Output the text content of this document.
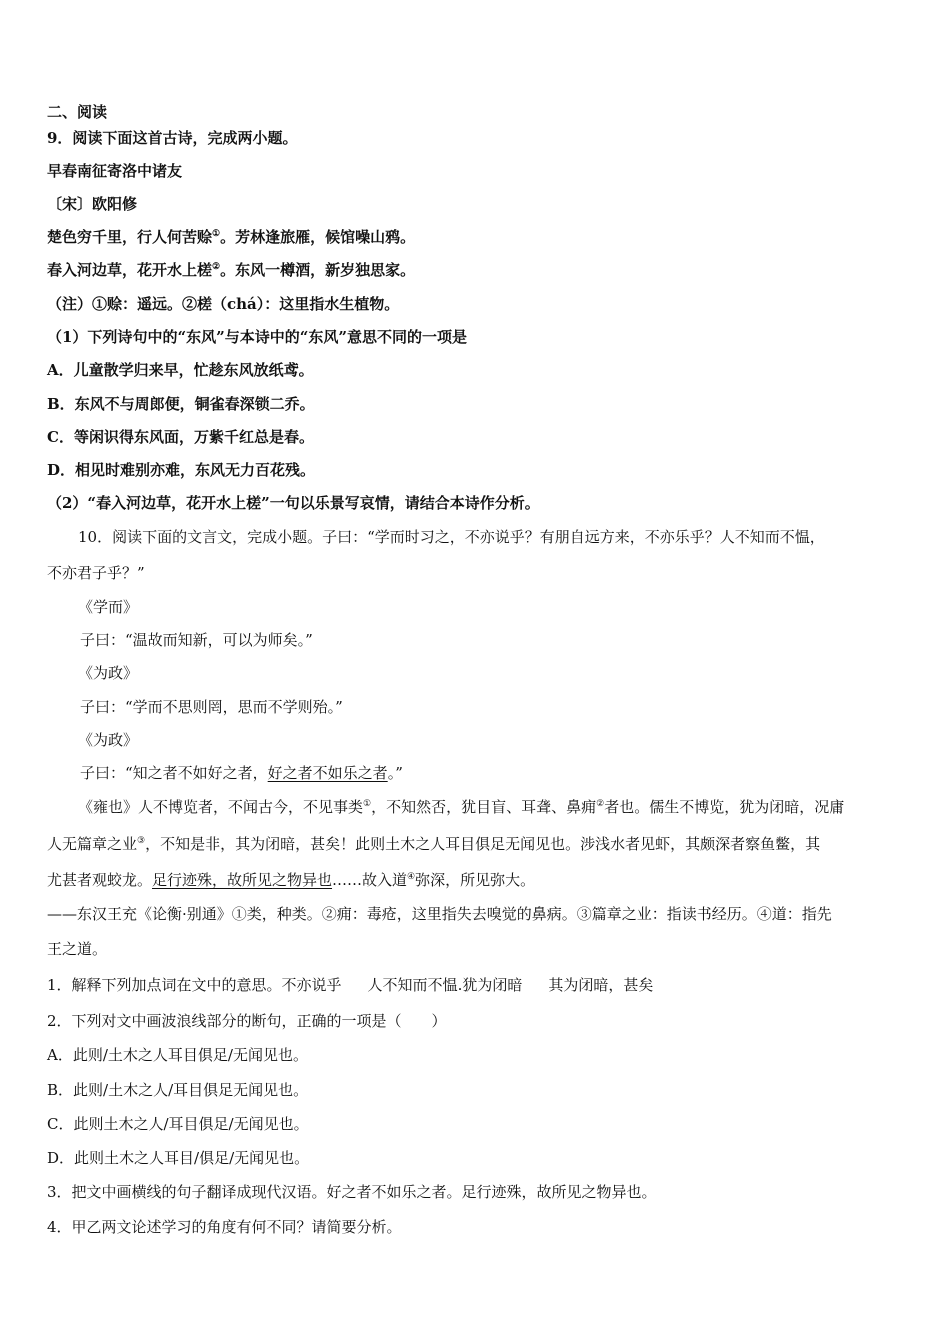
二、阅读
9．阅读下面这首古诗，完成两小题。
早春南征寄洛中诸友
〔宋〕欧阳修
楚色穷千里，行人何苦赊①。芳林逢旅雁，候馆噪山鸦。
春入河边草，花开水上槎②。东风一樽酒，新岁独思家。
（注）①赊：遥远。②槎（chá）：这里指水生植物。
（1）下列诗句中的“东风”与本诗中的“东风”意思不同的一项是
A．儿童散学归来早，忙趁东风放纸鸢。
B．东风不与周郎便，铜雀春深锁二乔。
C．等闲识得东风面，万紫千红总是春。
D．相见时难别亦难，东风无力百花残。
（2）“春入河边草，花开水上槎”一句以乐景写哀情，请结合本诗作分析。
10．阅读下面的文言文，完成小题。子曰：“学而时习之，不亦说乎？有朋自远方来，不亦乐乎？人不知而不愠，
不亦君子乎？”
《学而》
子曰：“温故而知新，可以为师矣。”
《为政》
子曰：“学而不思则罔，思而不学则殆。”
《为政》
子曰：“知之者不如好之者，好之者不如乐之者。”
《雍也》人不博览者，不闻古今，不见事类①，不知然否，犹目盲、耳聋、鼻痈②者也。儒生不博览，犹为闭暗，况庸
人无篇章之业③，不知是非，其为闭暗，甚矣！此则土木之人耳目俱足无闻见也。涉浅水者见虾，其颇深者察鱼鳖，其
尤甚者观蛟龙。足行迹殊，故所见之物异也……故入道④弥深，所见弥大。
——东汉王充《论衡·别通》①类，种类。②痈：毒疮，这里指失去嗅觉的鼻病。③篇章之业：指读书经历。④道：指先
王之道。
1．解释下列加点词在文中的意思。不亦说乎 人不知而不愠.犹为闭暗 其为闭暗，甚矣
2．下列对文中画波浪线部分的断句，正确的一项是（　　）
A．此则/土木之人耳目俱足/无闻见也。
B．此则/土木之人/耳目俱足无闻见也。
C．此则土木之人/耳目俱足/无闻见也。
D．此则土木之人耳目/俱足/无闻见也。
3．把文中画横线的句子翻译成现代汉语。好之者不如乐之者。足行迹殊，故所见之物异也。
4．甲乙两文论述学习的角度有何不同？请简要分析。
